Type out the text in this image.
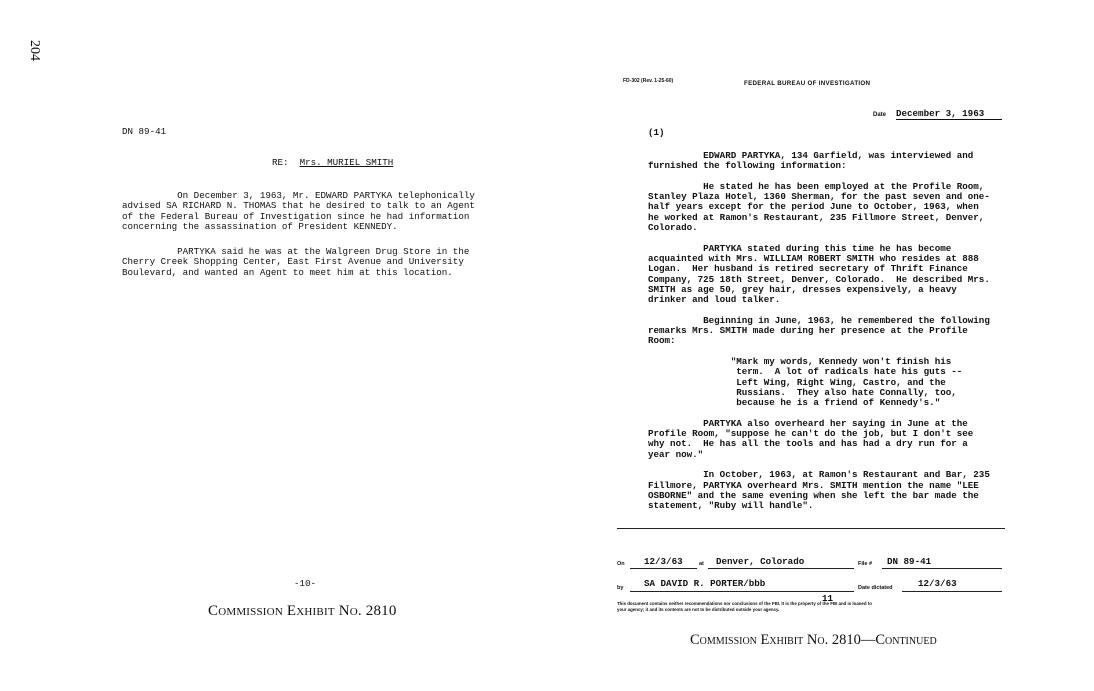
204
DN 89-41
RE: Mrs. MURIEL SMITH
On December 3, 1963, Mr. EDWARD PARTYKA telephonically
advised SA RICHARD N. THOMAS that he desired to talk to an Agent
of the Federal Bureau of Investigation since he had information
concerning the assassination of President KENNEDY.
PARTYKA said he was at the Walgreen Drug Store in the
Cherry Creek Shopping Center, East First Avenue and University
Boulevard, and wanted an Agent to meet him at this location.
-10-
Commission Exhibit No. 2810
FD-302 (Rev. 1-25-60)	FEDERAL BUREAU OF INVESTIGATION
Date December 3, 1963
(1)
EDWARD PARTYKA, 134 Garfield, was interviewed and
furnished the following information:

He stated he has been employed at the Profile Room,
Stanley Plaza Hotel, 1360 Sherman, for the past seven and one-
half years except for the period June to October, 1963, when
he worked at Ramon's Restaurant, 235 Fillmore Street, Denver,
Colorado.

PARTYKA stated during this time he has become
acquainted with Mrs. WILLIAM ROBERT SMITH who resides at 888
Logan.  Her husband is retired secretary of Thrift Finance
Company, 725 18th Street, Denver, Colorado.  He described Mrs.
SMITH as age 50, grey hair, dresses expensively, a heavy
drinker and loud talker.

Beginning in June, 1963, he remembered the following
remarks Mrs. SMITH made during her presence at the Profile
Room:

"Mark my words, Kennedy won't finish his
term.  A lot of radicals hate his guts --
Left Wing, Right Wing, Castro, and the
Russians.  They also hate Connally, too,
because he is a friend of Kennedy's."

PARTYKA also overheard her saying in June at the
Profile Room, "suppose he can't do the job, but I don't see
why not.  He has all the tools and has had a dry run for a
year now."

In October, 1963, at Ramon's Restaurant and Bar, 235
Fillmore, PARTYKA overheard Mrs. SMITH mention the name "LEE
OSBORNE" and the same evening when she left the bar made the
statement, "Ruby will handle".
On 12/3/63	at Denver, Colorado	File # DN 89-41
by SA DAVID R. PORTER/bbb	Date dictated	12/3/63
11
This document contains neither recommendations nor conclusions of the FBI. It is the property of the FBI and is loaned to
your agency; it and its contents are not to be distributed outside your agency.
Commission Exhibit No. 2810—Continued
